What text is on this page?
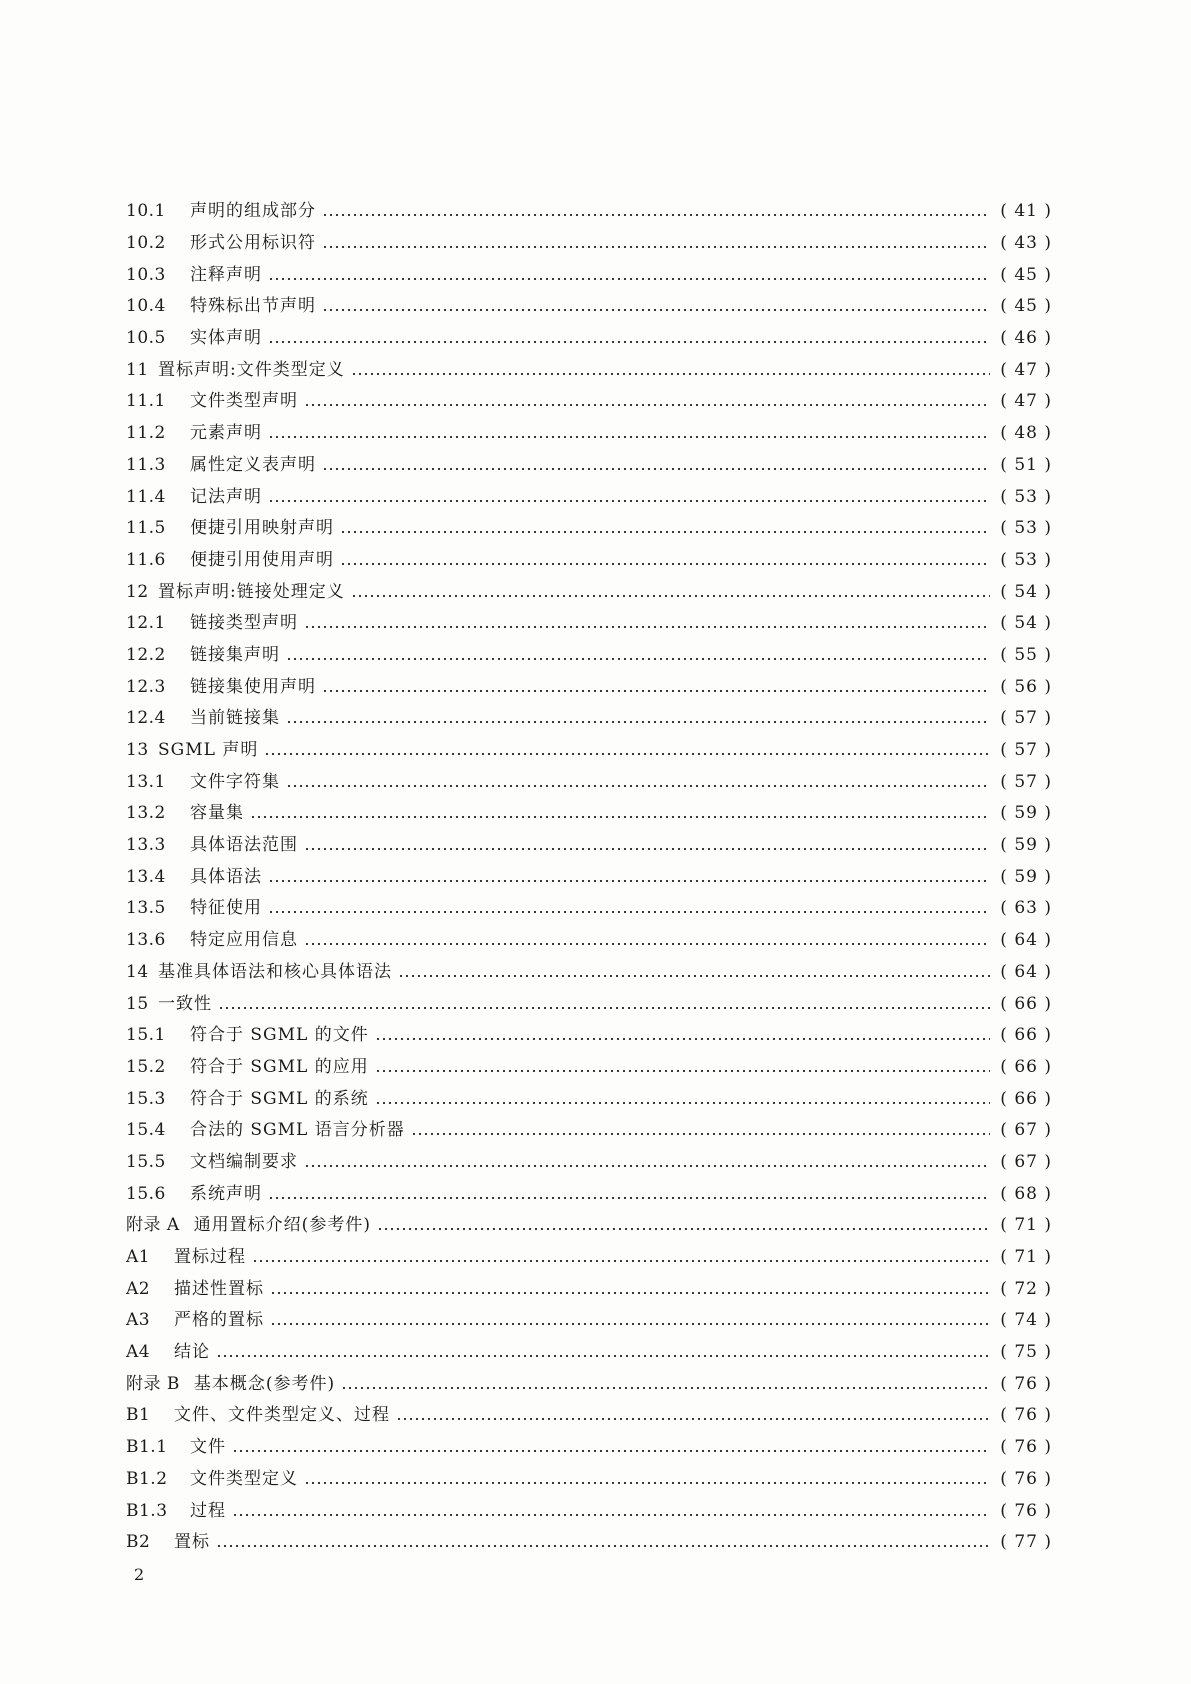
10.1	声明的组成部分	( 41 )
10.2	形式公用标识符	( 43 )
10.3	注释声明	( 45 )
10.4	特殊标出节声明	( 45 )
10.5	实体声明	( 46 )
11 置标声明:文件类型定义	( 47 )
11.1	文件类型声明	( 47 )
11.2	元素声明	( 48 )
11.3	属性定义表声明	( 51 )
11.4	记法声明	( 53 )
11.5	便捷引用映射声明	( 53 )
11.6	便捷引用使用声明	( 53 )
12 置标声明:链接处理定义	( 54 )
12.1	链接类型声明	( 54 )
12.2	链接集声明	( 55 )
12.3	链接集使用声明	( 56 )
12.4	当前链接集	( 57 )
13 SGML 声明	( 57 )
13.1	文件字符集	( 57 )
13.2	容量集	( 59 )
13.3	具体语法范围	( 59 )
13.4	具体语法	( 59 )
13.5	特征使用	( 63 )
13.6	特定应用信息	( 64 )
14 基准具体语法和核心具体语法	( 64 )
15 一致性	( 66 )
15.1	符合于 SGML 的文件	( 66 )
15.2	符合于 SGML 的应用	( 66 )
15.3	符合于 SGML 的系统	( 66 )
15.4	合法的 SGML 语言分析器	( 67 )
15.5	文档编制要求	( 67 )
15.6	系统声明	( 68 )
附录 A 通用置标介绍(参考件)	( 71 )
A1	置标过程	( 71 )
A2	描述性置标	( 72 )
A3	严格的置标	( 74 )
A4	结论	( 75 )
附录 B 基本概念(参考件)	( 76 )
B1	文件、文件类型定义、过程	( 76 )
B1.1	文件	( 76 )
B1.2	文件类型定义	( 76 )
B1.3	过程	( 76 )
B2	置标	( 77 )
2
